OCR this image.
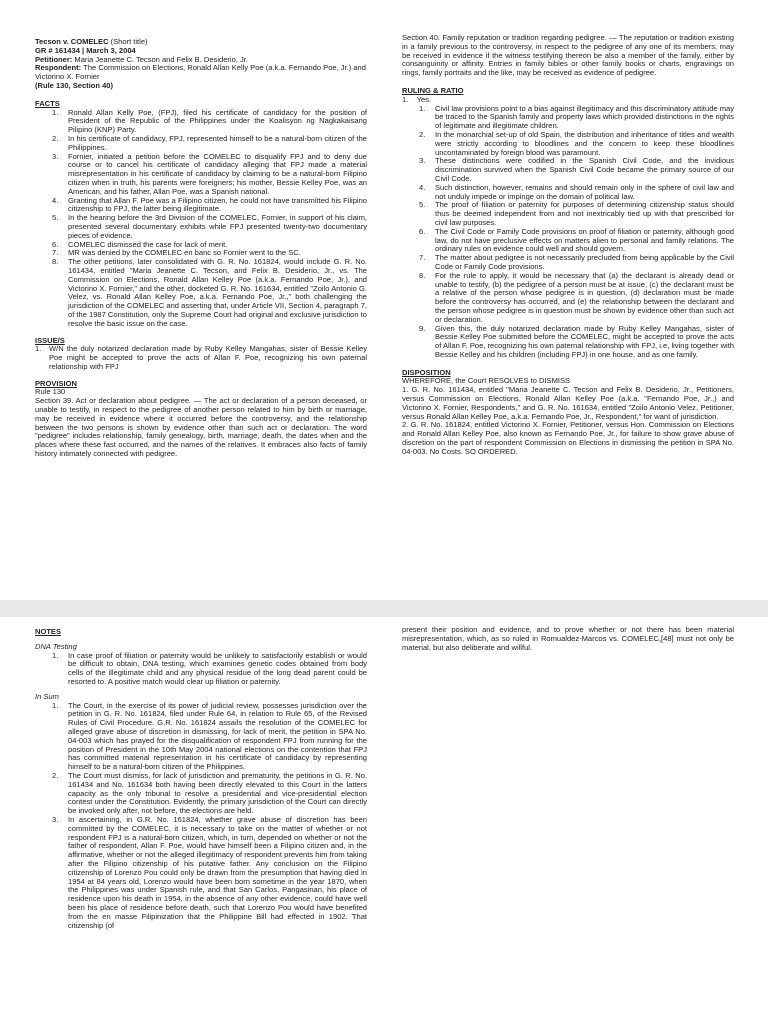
Tecson v. COMELEC (Short title)
GR # 161434 | March 3, 2004
Petitioner: Maria Jeanette C. Tecson and Felix B. Desiderio, Jr.
Respondent: The Commission on Elections, Ronald Allan Kelly Poe (a.k.a. Fernando Poe, Jr.) and Victorino X. Fornier
(Rule 130, Section 40)
FACTS
1. Ronald Allan Kelly Poe, (FPJ), filed his certificate of candidacy for the position of President of the Republic of the Philippines under the Koalisyon ng Nagkakaisang Pilipino (KNP) Party.
2. In his certificate of candidacy, FPJ, represented himself to be a natural-born citizen of the Philippines.
3. Fornier, initiated a petition before the COMELEC to disqualify FPJ and to deny due course or to cancel his certificate of candidacy alleging that FPJ made a material misrepresentation in his certificate of candidacy by claiming to be a natural-born Filipino citizen when in truth, his parents were foreigners; his mother, Bessie Kelley Poe, was an American, and his father, Allan Poe, was a Spanish national.
4. Granting that Allan F. Poe was a Filipino citizen, he could not have transmitted his Filipino citizenship to FPJ, the latter being illegitimate.
5. In the hearing before the 3rd Division of the COMELEC, Fornier, in support of his claim, presented several documentary exhibits while FPJ presented twenty-two documentary pieces of evidence.
6. COMELEC dismissed the case for lack of merit.
7. MR was denied by the COMELEC en banc so Fornier went to the SC.
8. The other petitions, later consolidated with G. R. No. 161824, would include G. R. No. 161434, entitled "Maria Jeanette C. Tecson, and Felix B. Desiderio, Jr., vs. The Commission on Elections, Ronald Allan Kelley Poe (a.k.a. Fernando Poe, Jr.), and Victorino X. Fornier," and the other, docketed G. R. No. 161634, entitled "Zoilo Antonio G. Velez, vs. Ronald Allan Kelley Poe, a.k.a. Fernando Poe, Jr.," both challenging the jurisdiction of the COMELEC and asserting that, under Article VII, Section 4, paragraph 7, of the 1987 Constitution, only the Supreme Court had original and exclusive jurisdiction to resolve the basic issue on the case.
ISSUE/S
1. W/N the duly notarized declaration made by Ruby Kelley Mangahas, sister of Bessie Kelley Poe might be accepted to prove the acts of Allan F. Poe, recognizing his own paternal relationship with FPJ
PROVISION
Rule 130
Section 39. Act or declaration about pedigree. — The act or declaration of a person deceased, or unable to testify, in respect to the pedigree of another person related to him by birth or marriage, may be received in evidence where it occurred before the controversy, and the relationship between the two persons is shown by evidence other than such act or declaration. The word "pedigree" includes relationship, family genealogy, birth, marriage, death, the dates when and the places where these fast occurred, and the names of the relatives. It embraces also facts of family history intimately connected with pedigree.
Section 40. Family reputation or tradition regarding pedigree. — The reputation or tradition existing in a family previous to the controversy, in respect to the pedigree of any one of its members, may be received in evidence if the witness testifying thereon be also a member of the family, either by consanguinity or affinity. Entries in family bibles or other family books or charts, engravings on rings, family portraits and the like, may be received as evidence of pedigree.
RULING & RATIO
1. Yes.
1. Civil law provisions point to a bias against illegitimacy and this discriminatory attitude may be traced to the Spanish family and property laws which provided distinctions in the rights of legitimate and illegitimate children.
2. In the monarchial set-up of old Spain, the distribution and inheritance of titles and wealth were strictly according to bloodlines and the concern to keep these bloodlines uncontaminated by foreign blood was paramount.
3. These distinctions were codified in the Spanish Civil Code, and the invidious discrimination survived when the Spanish Civil Code became the primary source of our Civil Code.
4. Such distinction, however, remains and should remain only in the sphere of civil law and not unduly impede or impinge on the domain of political law.
5. The proof of filiation or paternity for purposes of determining citizenship status should thus be deemed independent from and not inextricably tied up with that prescribed for civil law purposes.
6. The Civil Code or Family Code provisions on proof of filiation or paternity, although good law, do not have preclusive effects on matters alien to personal and family relations. The ordinary rules on evidence could well and should govern.
7. The matter about pedigree is not necessarily precluded from being applicable by the Civil Code or Family Code provisions.
8. For the rule to apply, it would be necessary that (a) the declarant is already dead or unable to testify, (b) the pedigree of a person must be at issue, (c) the declarant must be a relative of the person whose pedigree is in question, (d) declaration must be made before the controversy has occurred, and (e) the relationship between the declarant and the person whose pedigree is in question must be shown by evidence other than such act or declaration.
9. Given this, the duly notarized declaration made by Ruby Kelley Mangahas, sister of Bessie Kelley Poe submitted before the COMELEC, might be accepted to prove the acts of Allan F. Poe, recognizing his own paternal relationship with FPJ, i.e, living together with Bessie Kelley and his children (including FPJ) in one house, and as one family.
DISPOSITION
WHEREFORE, the Court RESOLVES to DISMISS
1. G. R. No. 161434, entitled "Maria Jeanette C. Tecson and Felix B. Desiderio, Jr., Petitioners, versus Commission on Elections, Ronald Allan Kelley Poe (a.k.a. "Fernando Poe, Jr.,) and Victorino X. Fornier, Respondents," and G. R. No. 161634, entitled "Zoilo Antonio Velez, Petitioner, versus Ronald Allan Kelley Poe, a.k.a. Fernando Poe, Jr., Respondent," for want of jurisdiction.
2. G. R. No. 161824, entitled Victorino X. Fornier, Petitioner, versus Hon. Commission on Elections and Ronald Allan Kelley Poe, also known as Fernando Poe, Jr., for failure to show grave abuse of discretion on the part of respondent Commission on Elections in dismissing the petition in SPA No. 04-003. No Costs. SO ORDERED.
NOTES
DNA Testing
1. In case proof of filiation or paternity would be unlikely to satisfactorily establish or would be difficult to obtain, DNA testing, which examines genetic codes obtained from body cells of the illegitimate child and any physical residue of the long dead parent could be resorted to. A positive match would clear up filiation or paternity.
In Sum
1. The Court, in the exercise of its power of judicial review, possesses jurisdiction over the petition in G. R. No. 161824, filed under Rule 64, in relation to Rule 65, of the Revised Rules of Civil Procedure. G.R. No. 161824 assails the resolution of the COMELEC for alleged grave abuse of discretion in dismissing, for lack of merit, the petition in SPA No. 04-003 which has prayed for the disqualification of respondent FPJ from running for the position of President in the 10th May 2004 national elections on the contention that FPJ has committed material representation in his certificate of candidacy by representing himself to be a natural-born citizen of the Philippines.
2. The Court must dismiss, for lack of jurisdiction and prematurity, the petitions in G. R. No. 161434 and No. 161634 both having been directly elevated to this Court in the latters capacity as the only tribunal to resolve a presidential and vice-presidential election contest under the Constitution. Evidently, the primary jurisdiction of the Court can directly be invoked only after, not before, the elections are held.
3. In ascertaining, in G.R. No. 161824, whether grave abuse of discretion has been committed by the COMELEC, it is necessary to take on the matter of whether or not respondent FPJ is a natural-born citizen, which, in turn, depended on whether or not the father of respondent, Allan F. Poe, would have himself been a Filipino citizen and, in the affirmative, whether or not the alleged illegitimacy of respondent prevents him from taking after the Filipino citizenship of his putative father. Any conclusion on the Filipino citizenship of Lorenzo Pou could only be drawn from the presumption that having died in 1954 at 84 years old, Lorenzo would have been born sometime in the year 1870, when the Philippines was under Spanish rule, and that San Carlos, Pangasinan, his place of residence upon his death in 1954, in the absence of any other evidence, could have well been his place of residence before death, such that Lorenzo Pou would have benefited from the en masse Filipinization that the Philippine Bill had effected in 1902. That citizenship (of
present their position and evidence, and to prove whether or not there has been material misrepresentation, which, as so ruled in Romualdez-Marcos vs. COMELEC,[48] must not only be material, but also deliberate and willful.
